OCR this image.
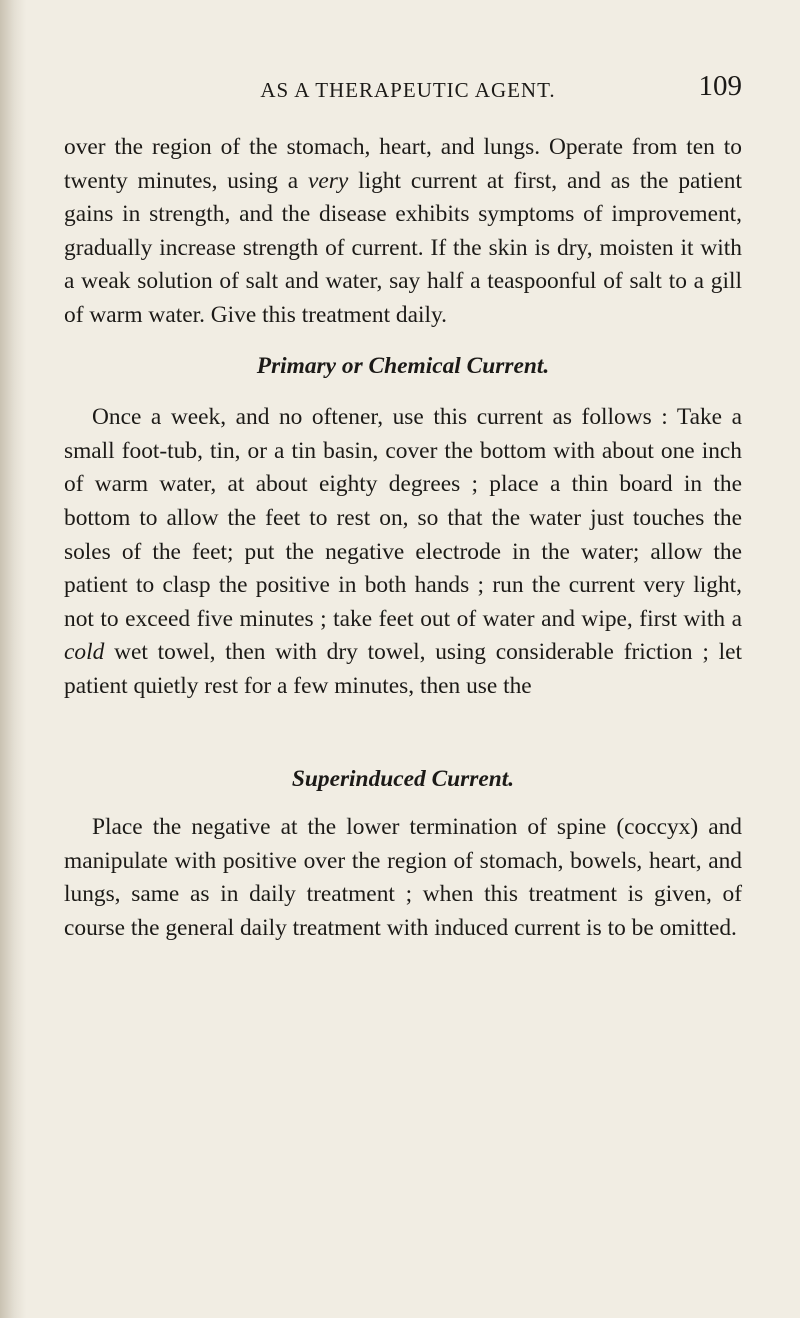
AS A THERAPEUTIC AGENT.	109

over the region of the stomach, heart, and lungs. Operate from ten to twenty minutes, using a very light current at first, and as the patient gains in strength, and the disease exhibits symptoms of improvement, gradually increase strength of current. If the skin is dry, moisten it with a weak solution of salt and water, say half a teaspoonful of salt to a gill of warm water. Give this treatment daily.

Primary or Chemical Current.

Once a week, and no oftener, use this current as follows : Take a small foot-tub, tin, or a tin basin, cover the bottom with about one inch of warm water, at about eighty degrees ; place a thin board in the bottom to allow the feet to rest on, so that the water just touches the soles of the feet; put the negative electrode in the water; allow the patient to clasp the positive in both hands ; run the current very light, not to exceed five minutes ; take feet out of water and wipe, first with a cold wet towel, then with dry towel, using considerable friction ; let patient quietly rest for a few minutes, then use the

Superinduced Current.

Place the negative at the lower termination of spine (coccyx) and manipulate with positive over the region of stomach, bowels, heart, and lungs, same as in daily treatment ; when this treatment is given, of course the general daily treatment with induced current is to be omitted.
